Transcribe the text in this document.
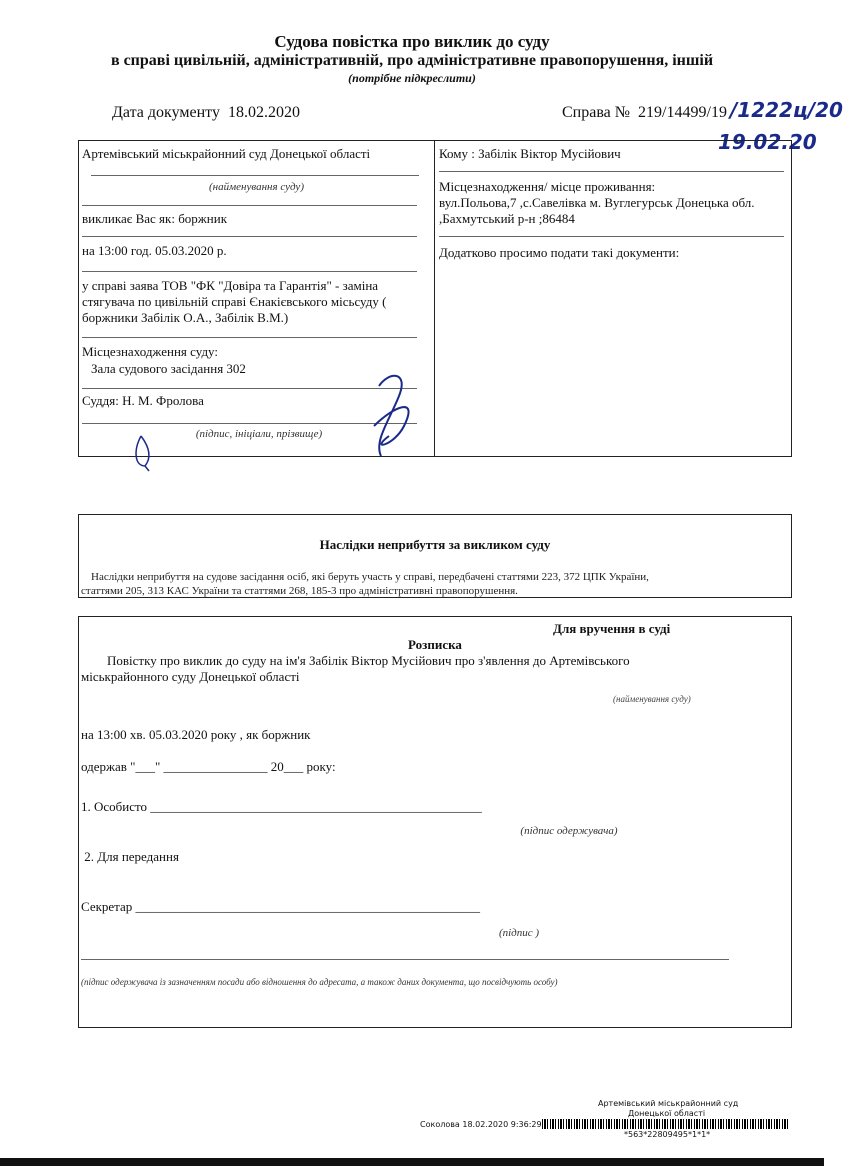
Судова повістка про виклик до суду
в справі цивільній, адміністративній, про адміністративне правопорушення, іншій
(потрібне підкреслити)
Дата документу 18.02.2020	Справа № 219/14499/19 /1222ц/20
19.02.20
Артемівський міськрайонний суд Донецької області
(найменування суду)
викликає Вас як: боржник
на 13:00 год. 05.03.2020 р.
у справі заява ТОВ "ФК "Довіра та Гарантія" - заміна стягувача по цивільній справі Єнакієвського місьсуду ( боржники Забілік О.А., Забілік В.М.)
Місцезнаходження суду:
Зала судового засідання 302
Суддя: Н. М. Фролова
(підпис, ініціали, прізвище)
Кому : Забілік Віктор Мусійович
Місцезнаходження/ місце проживання:
вул.Польова,7 ,с.Савелівка м. Вуглегурськ Донецька обл.
,Бахмутський р-н ;86484
Додатково просимо подати такі документи:
Наслідки неприбуття за викликом суду
Наслідки неприбуття на судове засідання осіб, які беруть участь у справі, передбачені статтями 223, 372 ЦПК України,
статтями 205, 313 КАС України та статтями 268, 185-3 про адміністративні правопорушення.
Для вручення в суді
Розписка
Повістку про виклик до суду на ім'я Забілік Віктор Мусійович про з'явлення до Артемівського
міськрайонного суду Донецької області
(найменування суду)
на 13:00 хв. 05.03.2020 року , як боржник
одержав "___" ________________ 20___ року:
1. Особисто ___________________________________________________
(підпис одержувача)
2. Для передання
Секретар _____________________________________________________
(підпис )
(підпис одержувача із зазначенням посади або відношення до адресата, а також даних документа, що посвідчують особу)
Артемівський міськрайонний суд
Донецької області
Соколова 18.02.2020 9:36:29
*563*22809495*1*1*
